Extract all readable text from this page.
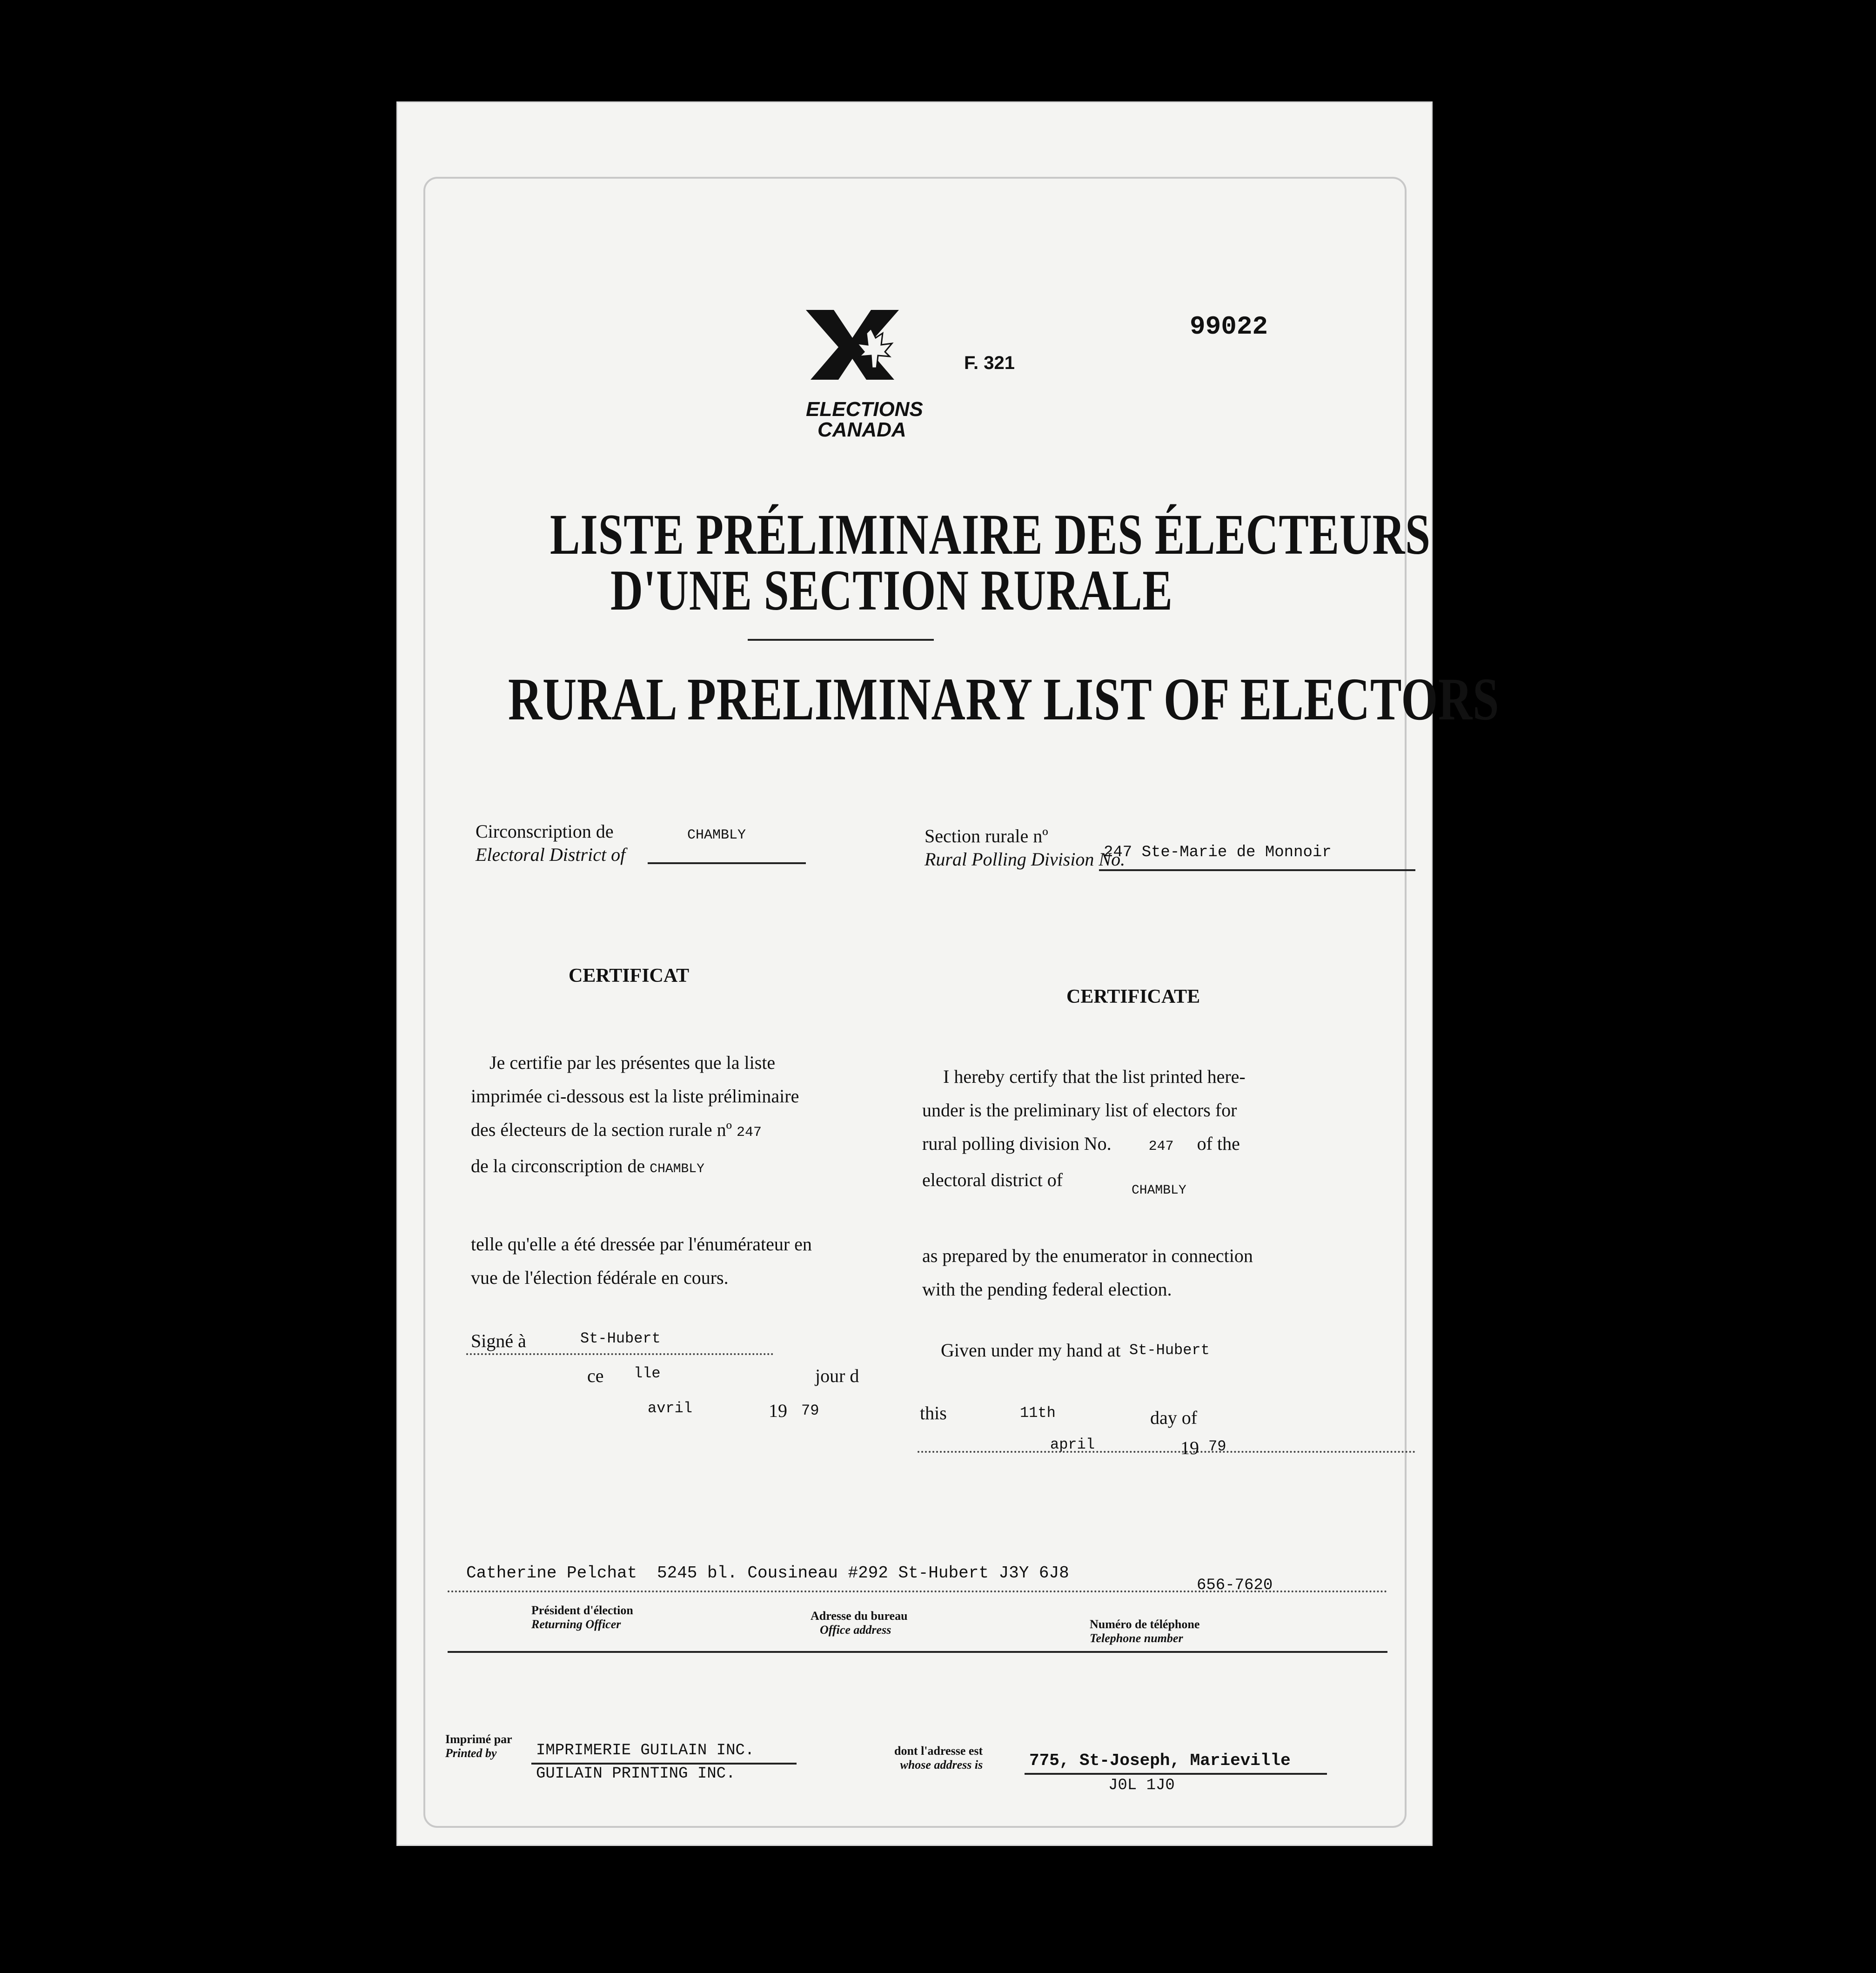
99022
F. 321
ELECTIONS
CANADA
LISTE PRÉLIMINAIRE DES ÉLECTEURS
D'UNE SECTION RURALE
RURAL PRELIMINARY LIST OF ELECTORS
Circonscription de
Electoral District of
CHAMBLY	Section rurale nº
Rural Polling Division No.
247 Ste-Marie de Monnoir
CERTIFICAT
Je certifie par les présentes que la liste
imprimée ci-dessous est la liste préliminaire
des électeurs de la section rurale nº 247
de la circonscription de CHAMBLY
telle qu'elle a été dressée par l'énumérateur en
vue de l'élection fédérale en cours.
Signé à	St-Hubert
ce lle	jour d
avril	19 79
CERTIFICATE
I hereby certify that the list printed here-
under is the preliminary list of electors for
rural polling division No.	247 of the
electoral district of
CHAMBLY
as prepared by the enumerator in connection
with the pending federal election.
Given under my hand at St-Hubert
this	11th	day of
april	19 79
Catherine Pelchat 5245 bl. Cousineau #292 St-Hubert J3Y 6J8
656-7620
Président d'élection
Returning Officer
Adresse du bureau
Office address	Numéro de téléphone
Telephone number
Imprimé par
Printed by	IMPRIMERIE GUILAIN INC.
GUILAIN PRINTING INC.
dont l'adresse est
whose address is	775, St-Joseph, Marieville
J0L 1J0
